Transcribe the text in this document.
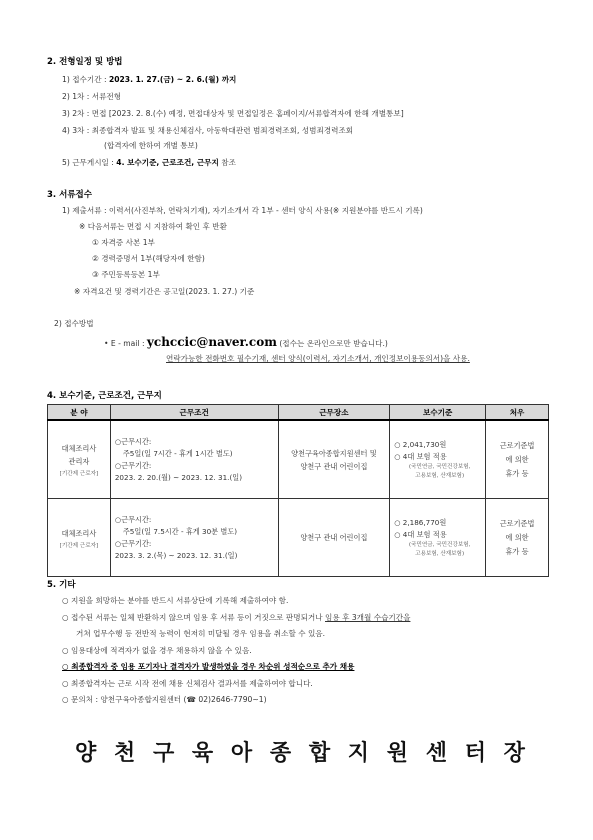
2. 전형일정 및 방법
1) 접수기간 : 2023. 1. 27.(금) ~ 2. 6.(월) 까지
2) 1차 : 서류전형
3) 2차 : 면접 [2023. 2. 8.(수) 예정, 면접대상자 및 면접일정은 홈페이지/서류합격자에 한해 개별통보]
4) 3차 : 최종합격자 발표 및 채용신체검사, 아동학대관련 범죄경력조회, 성범죄경력조회
(합격자에 한하여 개별 통보)
5) 근무게시일 : 4. 보수기준, 근로조건, 근무지 참조
3. 서류접수
1) 제출서류 : 이력서(사진부착, 연락처기재), 자기소개서 각 1부 - 센터 양식 사용(※ 지원분야를 반드시 기록)
※ 다음서류는 면접 시 지참하여 확인 후 반환
① 자격증 사본 1부
② 경력증명서 1부(해당자에 한함)
③ 주민등록등본 1부
※ 자격요건 및 경력기간은 공고일(2023. 1. 27.) 기준
2) 접수방법
• E - mail : ychccic@naver.com (접수는 온라인으로만 받습니다.)
연락가능한 전화번호 필수기재, 센터 양식(이력서, 자기소개서, 개인정보이용동의서)을 사용.
4. 보수기준, 근로조건, 근무지
분 야	근무조건	근무장소	보수기준	처우

대체조리사
관리자
[기간제 근로자]	○근무시간:
주5일(일 7시간 - 휴게 1시간 별도)
○근무기간:
2023. 2. 20.(월) ~ 2023. 12. 31.(일)	양천구육아종합지원센터 및
양천구 관내 어린이집	○ 2,041,730원
○ 4대 보험 적용
(국민연금, 국민건강보험,
고용보험, 산재보험)	근로기준법
에 의한
휴가 등

대체조리사
[기간제 근로자]	○근무시간:
주5일(일 7.5시간 - 휴게 30분 별도)
○근무기간:
2023. 3. 2.(목) ~ 2023. 12. 31.(일)	양천구 관내 어린이집	○ 2,186,770원
○ 4대 보험 적용
(국민연금, 국민건강보험,
고용보험, 산재보험)	근로기준법
에 의한
휴가 등
5. 기타
○ 지원을 희망하는 분야를 반드시 서류상단에 기록해 제출하여야 함.
○ 접수된 서류는 일체 반환하지 않으며 임용 후 서류 등이 거짓으로 판명되거나 임용 후 3개월 수습기간을
거쳐 업무수행 등 전반적 능력이 현저히 미달될 경우 임용을 취소할 수 있음.
○ 임용대상에 적격자가 없을 경우 채용하지 않을 수 있음.
○ 최종합격자 중 임용 포기자나 결격자가 발생하였을 경우 차순위 성적순으로 추가 채용
○ 최종합격자는 근로 시작 전에 채용 신체검사 결과서를 제출하여야 합니다.
○ 문의처 : 양천구육아종합지원센터 (☎ 02)2646-7790~1)
양 천 구 육 아 종 합 지 원 센 터 장
